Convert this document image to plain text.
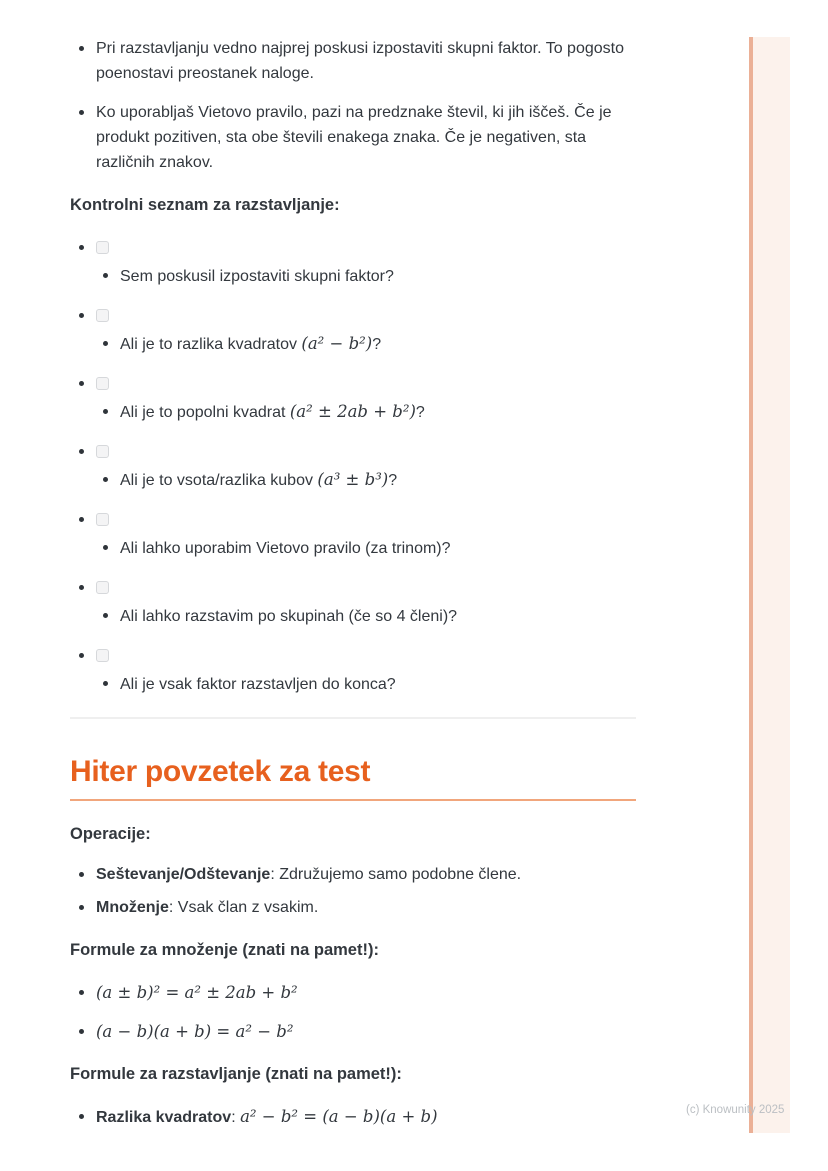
Pri razstavljanju vedno najprej poskusi izpostaviti skupni faktor. To pogosto poenostavi preostanek naloge.
Ko uporabljaš Vietovo pravilo, pazi na predznake števil, ki jih iščeš. Če je produkt pozitiven, sta obe števili enakega znaka. Če je negativen, sta različnih znakov.
Kontrolni seznam za razstavljanje:
Sem poskusil izpostaviti skupni faktor?
Ali je to razlika kvadratov (a² − b²)?
Ali je to popolni kvadrat (a² ± 2ab + b²)?
Ali je to vsota/razlika kubov (a³ ± b³)?
Ali lahko uporabim Vietovo pravilo (za trinom)?
Ali lahko razstavim po skupinah (če so 4 členi)?
Ali je vsak faktor razstavljen do konca?
Hiter povzetek za test
Operacije:
Seštevanje/Odštevanje: Združujemo samo podobne člene.
Množenje: Vsak član z vsakim.
Formule za množenje (znati na pamet!):
(a ± b)² = a² ± 2ab + b²
(a − b)(a + b) = a² − b²
Formule za razstavljanje (znati na pamet!):
Razlika kvadratov: a² − b² = (a − b)(a + b)	(c) Knowunity 2025
